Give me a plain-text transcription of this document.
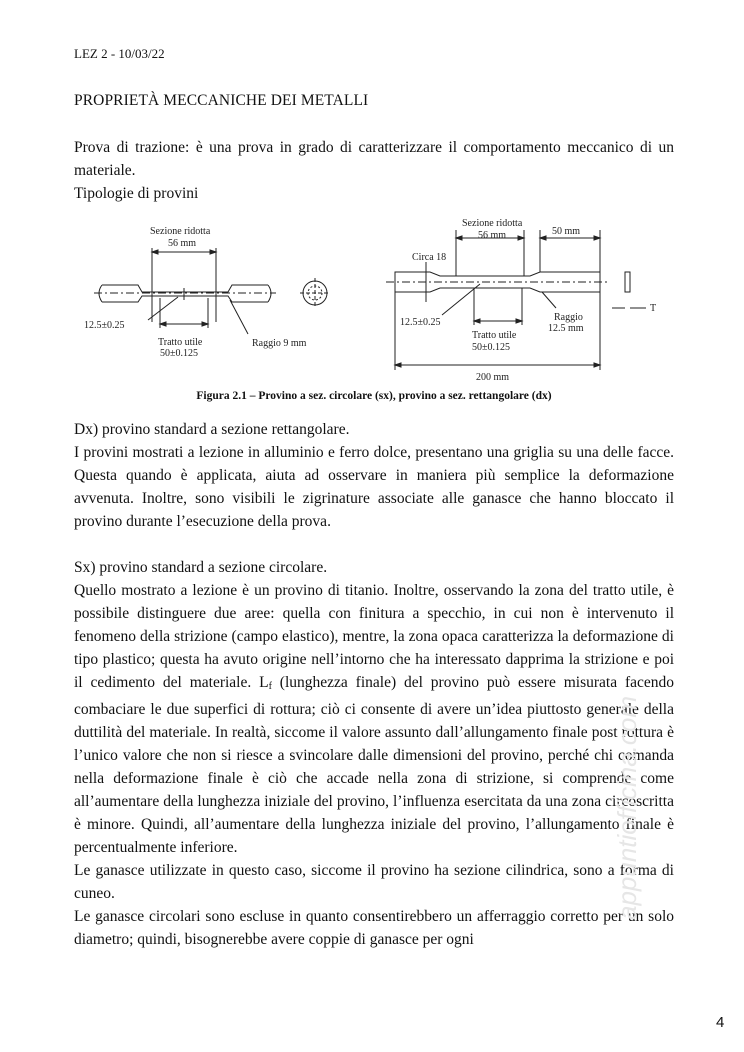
LEZ 2 - 10/03/22
PROPRIETÀ MECCANICHE DEI METALLI
Prova di trazione: è una prova in grado di caratterizzare il comportamento meccanico di un materiale.
Tipologie di provini
Sezione ridotta
56 mm
12.5±0.25
Tratto utile
50±0.125
Raggio 9 mm
Sezione ridotta
56 mm	50 mm
Circa 18
12.5±0.25
Tratto utile
50±0.125
Raggio
12.5 mm
200 mm
T
Figura 2.1 – Provino a sez. circolare (sx), provino a sez. rettangolare (dx)
Dx) provino standard a sezione rettangolare.
I provini mostrati a lezione in alluminio e ferro dolce, presentano una griglia su una delle facce. Questa quando è applicata, aiuta ad osservare in maniera più semplice la deformazione avvenuta. Inoltre, sono visibili le zigrinature associate alle ganasce che hanno bloccato il provino durante l’esecuzione della prova.
Sx) provino standard a sezione circolare.
Quello mostrato a lezione è un provino di titanio. Inoltre, osservando la zona del tratto utile, è possibile distinguere due aree: quella con finitura a specchio, in cui non è intervenuto il fenomeno della strizione (campo elastico), mentre, la zona opaca caratterizza la deformazione di tipo plastico; questa ha avuto origine nell’intorno che ha interessato dapprima la strizione e poi il cedimento del materiale. $L_f$ (lunghezza finale) del provino può essere misurata facendo combaciare le due superfici di rottura; ciò ci consente di avere un’idea piuttosto generale della duttilità del materiale. In realtà, siccome il valore assunto dall’allungamento finale post rottura è l’unico valore che non si riesce a svincolare dalle dimensioni del provino, perché chi comanda nella deformazione finale è ciò che accade nella zona di strizione, si comprende come all’aumentare della lunghezza iniziale del provino, l’influenza esercitata da una zona circoscritta è minore. Quindi, all’aumentare della lunghezza iniziale del provino, l’allungamento finale è percentualmente inferiore.
Le ganasce utilizzate in questo caso, siccome il provino ha sezione cilindrica, sono a forma di cuneo.
Le ganasce circolari sono escluse in quanto consentirebbero un afferraggio corretto per un solo diametro; quindi, bisognerebbe avere coppie di ganasce per ogni
appuntiofficina.com
4
